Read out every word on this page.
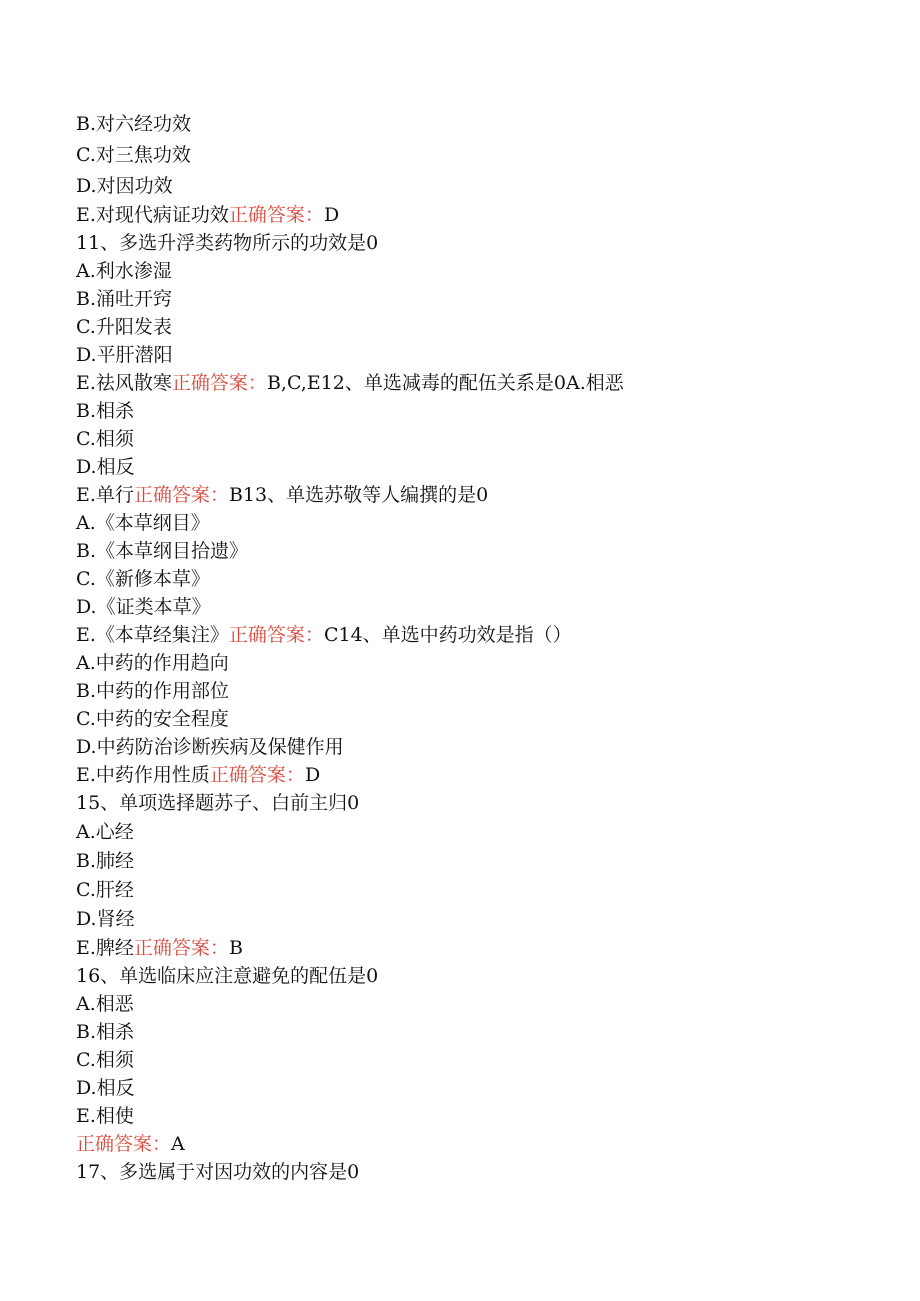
B.对六经功效
C.对三焦功效
D.对因功效
E.对现代病证功效正确答案：D
11、多选升浮类药物所示的功效是0
A.利水渗湿
B.涌吐开窍
C.升阳发表
D.平肝潜阳
E.祛风散寒正确答案：B,C,E12、单选减毒的配伍关系是0A.相恶
B.相杀
C.相须
D.相反
E.单行正确答案：B13、单选苏敬等人编撰的是0
A.《本草纲目》
B.《本草纲目拾遗》
C.《新修本草》
D.《证类本草》
E.《本草经集注》正确答案：C14、单选中药功效是指（）
A.中药的作用趋向
B.中药的作用部位
C.中药的安全程度
D.中药防治诊断疾病及保健作用
E.中药作用性质正确答案：D
15、单项选择题苏子、白前主归0
A.心经
B.肺经
C.肝经
D.肾经
E.脾经正确答案：B
16、单选临床应注意避免的配伍是0
A.相恶
B.相杀
C.相须
D.相反
E.相使
正确答案：A
17、多选属于对因功效的内容是0
